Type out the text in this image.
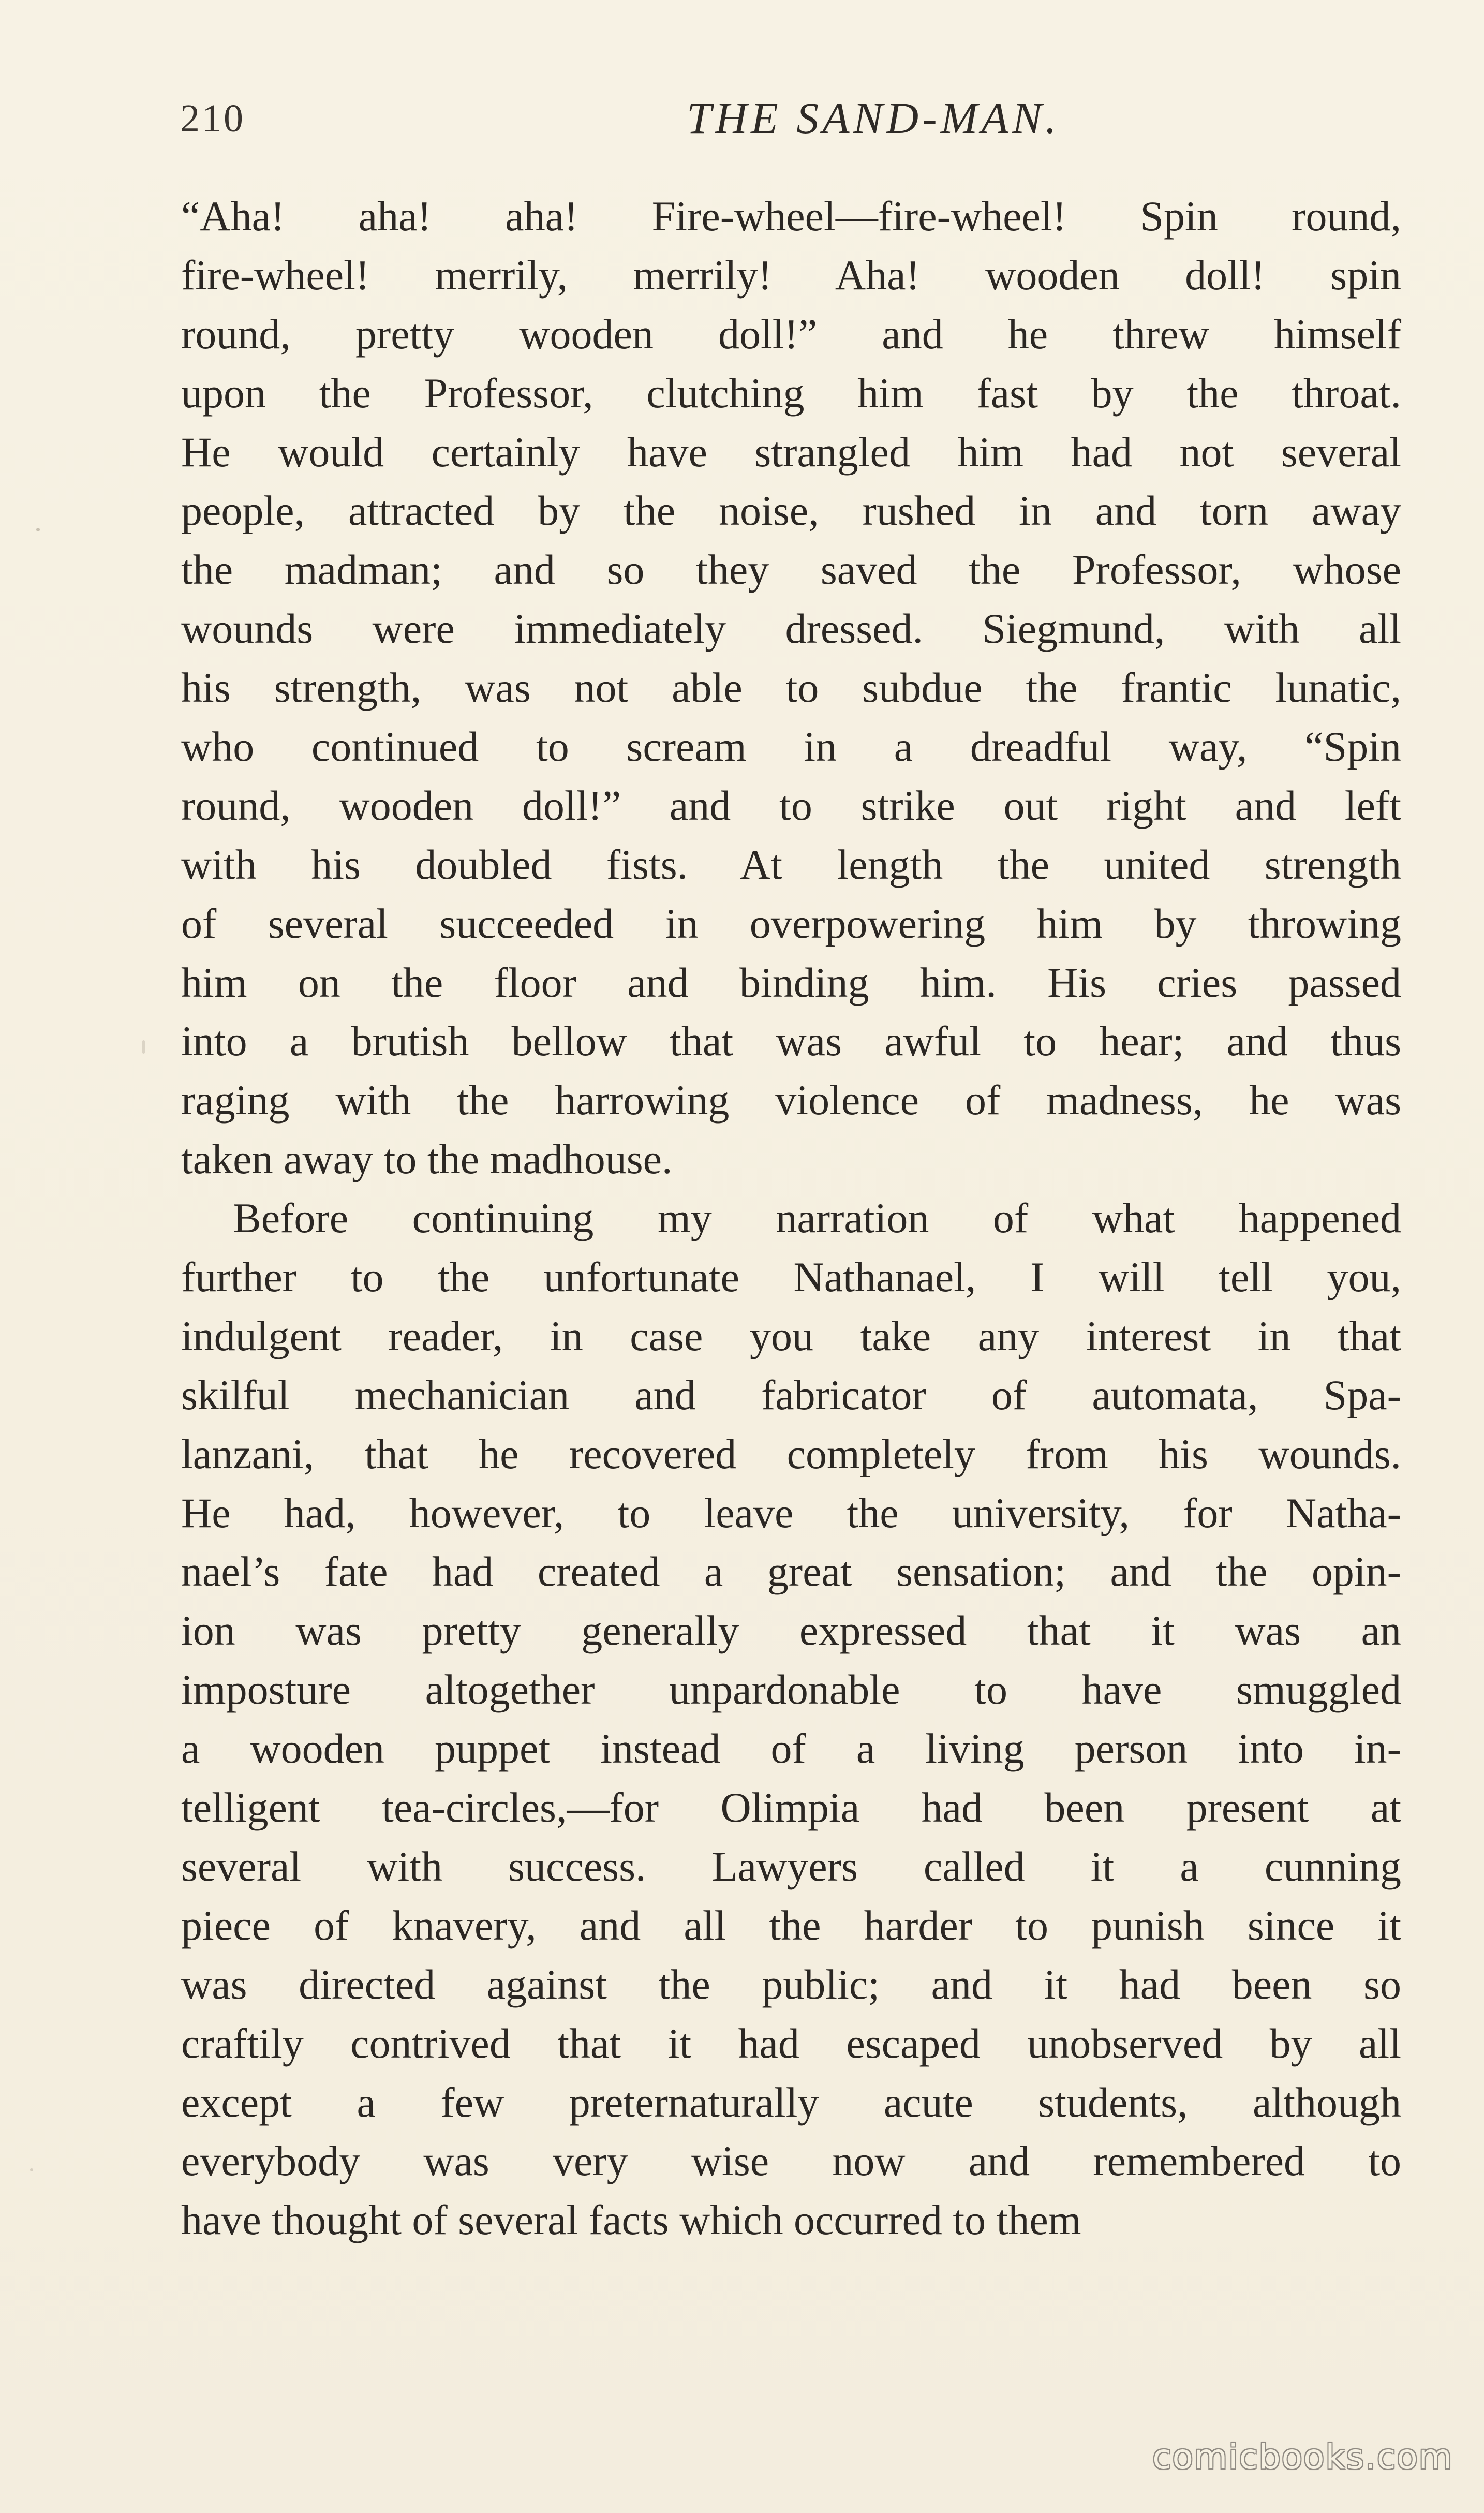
210	THE SAND-MAN.
“Aha! aha! aha! Fire-wheel—fire-wheel! Spin round,
fire-wheel! merrily, merrily! Aha! wooden doll! spin
round, pretty wooden doll!” and he threw himself
upon the Professor, clutching him fast by the throat.
He would certainly have strangled him had not several
people, attracted by the noise, rushed in and torn away
the madman; and so they saved the Professor, whose
wounds were immediately dressed. Siegmund, with all
his strength, was not able to subdue the frantic lunatic,
who continued to scream in a dreadful way, “Spin
round, wooden doll!” and to strike out right and left
with his doubled fists. At length the united strength
of several succeeded in overpowering him by throwing
him on the floor and binding him. His cries passed
into a brutish bellow that was awful to hear; and thus
raging with the harrowing violence of madness, he was
taken away to the madhouse.
Before continuing my narration of what happened
further to the unfortunate Nathanael, I will tell you,
indulgent reader, in case you take any interest in that
skilful mechanician and fabricator of automata, Spa-
lanzani, that he recovered completely from his wounds.
He had, however, to leave the university, for Natha-
nael’s fate had created a great sensation; and the opin-
ion was pretty generally expressed that it was an
imposture altogether unpardonable to have smuggled
a wooden puppet instead of a living person into in-
telligent tea-circles,—for Olimpia had been present at
several with success. Lawyers called it a cunning
piece of knavery, and all the harder to punish since it
was directed against the public; and it had been so
craftily contrived that it had escaped unobserved by all
except a few preternaturally acute students, although
everybody was very wise now and remembered to
have thought of several facts which occurred to them
comicbooks.com
